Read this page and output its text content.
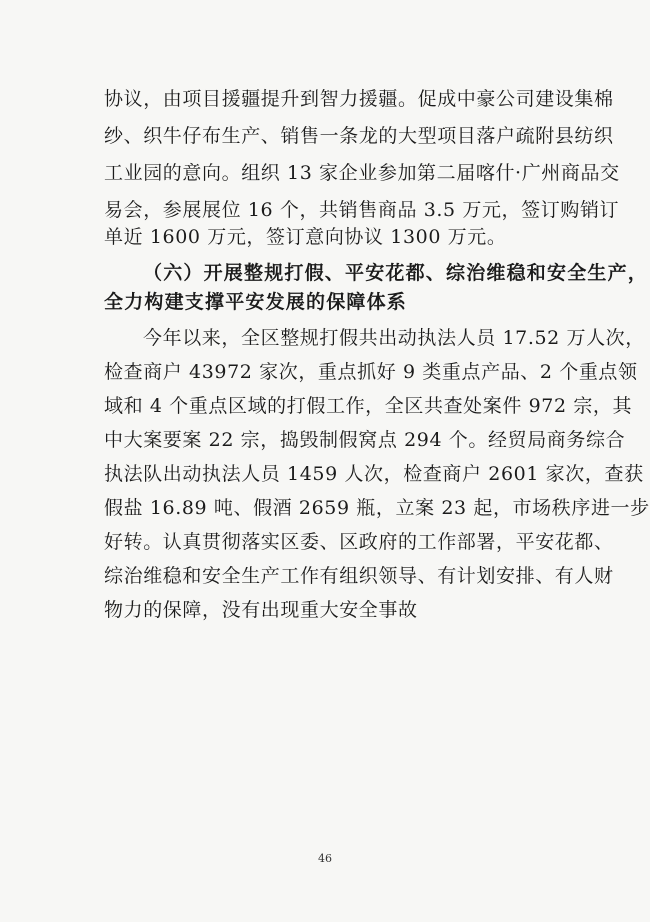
协议，由项目援疆提升到智力援疆。促成中豪公司建设集棉
纱、织牛仔布生产、销售一条龙的大型项目落户疏附县纺织
工业园的意向。组织 13 家企业参加第二届喀什·广州商品交
易会，参展展位 16 个，共销售商品 3.5 万元，签订购销订
单近 1600 万元，签订意向协议 1300 万元。
（六）开展整规打假、平安花都、综治维稳和安全生产，
全力构建支撑平安发展的保障体系
今年以来，全区整规打假共出动执法人员 17.52 万人次，
检查商户 43972 家次，重点抓好 9 类重点产品、2 个重点领
域和 4 个重点区域的打假工作，全区共查处案件 972 宗，其
中大案要案 22 宗，捣毁制假窝点 294 个。经贸局商务综合
执法队出动执法人员 1459 人次，检查商户 2601 家次，查获
假盐 16.89 吨、假酒 2659 瓶，立案 23 起，市场秩序进一步
好转。认真贯彻落实区委、区政府的工作部署，平安花都、
综治维稳和安全生产工作有组织领导、有计划安排、有人财
物力的保障，没有出现重大安全事故
46
